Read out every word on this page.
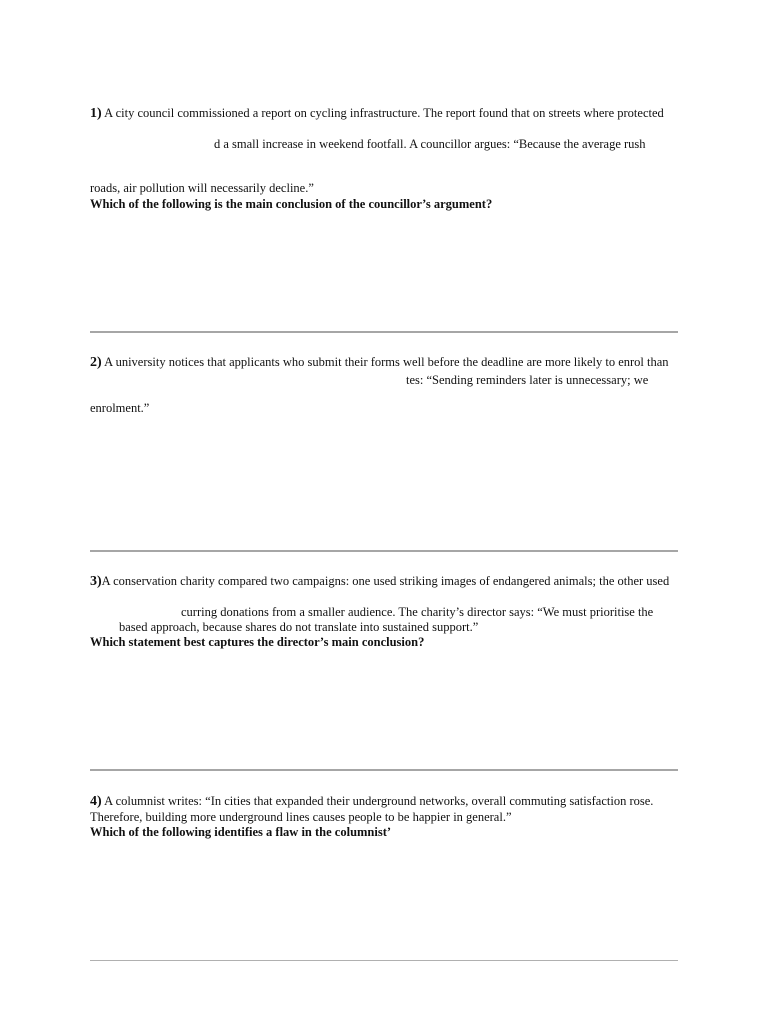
1) A city council commissioned a report on cycling infrastructure. The report found that on streets where protected
d a small increase in weekend footfall. A councillor argues: “Because the average rush
roads, air pollution will necessarily decline.”
Which of the following is the main conclusion of the councillor’s argument?
2) A university notices that applicants who submit their forms well before the deadline are more likely to enrol than
tes: “Sending reminders later is unnecessary; we
enrolment.”
3)A conservation charity compared two campaigns: one used striking images of endangered animals; the other used
curring donations from a smaller audience. The charity’s director says: “We must prioritise the
based approach, because shares do not translate into sustained support.”
Which statement best captures the director’s main conclusion?
4) A columnist writes: “In cities that expanded their underground networks, overall commuting satisfaction rose.
Therefore, building more underground lines causes people to be happier in general.”
Which of the following identifies a flaw in the columnist’
